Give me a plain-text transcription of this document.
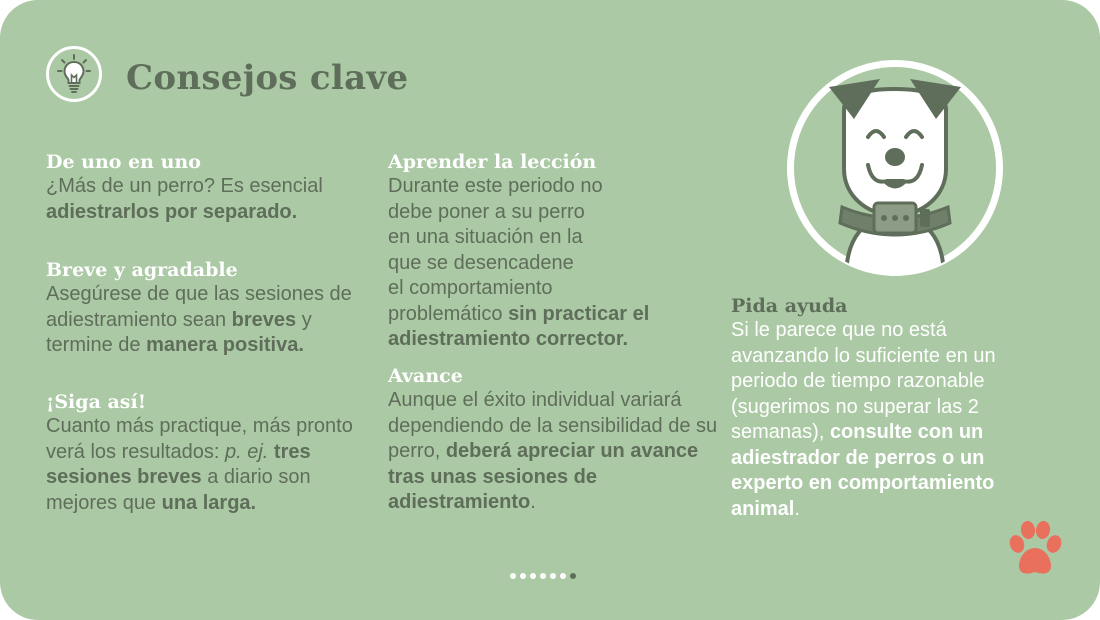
Consejos clave
De uno en uno

¿Más de un perro? Es esencial adiestrarlos por separado.

Breve y agradable

Asegúrese de que las sesiones de adiestramiento sean breves y termine de manera positiva.

¡Siga así!

Cuanto más practique, más pronto verá los resultados: p. ej. tres sesiones breves a diario son mejores que una larga.

Aprender la lección

Durante este periodo no
debe poner a su perro
en una situación en la
que se desencadene
el comportamiento
problemático sin practicar el adiestramiento corrector.

Avance

Aunque el éxito individual variará dependiendo de la sensibilidad de su perro, deberá apreciar un avance tras unas sesiones de adiestramiento.

Pida ayuda

Si le parece que no está avanzando lo suficiente en un periodo de tiempo razonable (sugerimos no superar las 2 semanas), consulte con un adiestrador de perros o un experto en comportamiento animal.
